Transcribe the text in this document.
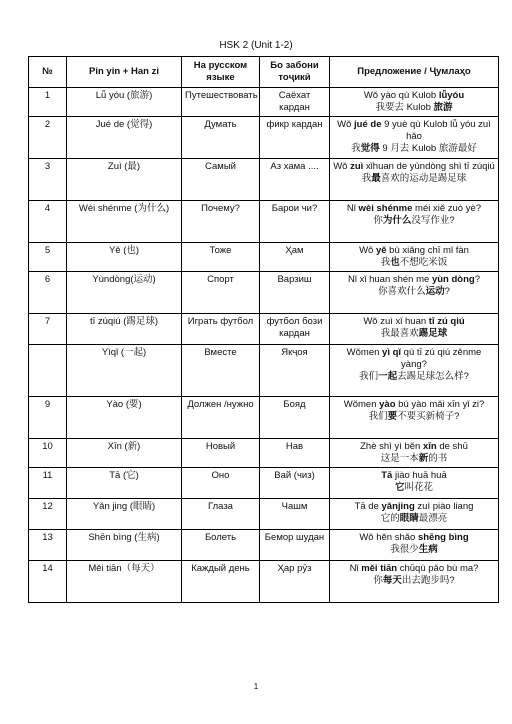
HSK 2 (Unit 1-2)
№	Pin yin + Han zi	На русском языке	Бо забони тоҷикӣ	Предложение / Ҷумлаҳо
1	Lǚ yóu (旅游)	Путешествовать	Саёхат кардан	Wǒ yào qù Kulob lǚyóu
我要去 Kulob 旅游

2	Jué de (觉得)	Думать	фикр кардан	Wǒ jué de 9 yuè qù Kulob lǚ yóu zuì hǎo
我觉得 9 月去 Kulob 旅游最好

3	Zuì (最)	Самый	Аз хама ....	Wǒ zuì xǐhuan de yùndòng shì tī zúqiú
我最喜欢的运动是踢足球

4	Wèi shénme (为什么)	Почему?	Барои чи?	Nǐ wèi shénme méi xiě zuò yè?
你为什么没写作业?

5	Yě (也)	Тоже	Ҳам	Wǒ yě bù xiǎng chī mǐ fàn
我也不想吃米饭

6	Yùndòng(运动)	Спорт	Варзиш	Nǐ xǐ huan shén me yùn dòng?
你喜欢什么运动?

7	tī zúqiú (踢足球)	Играть футбол	футбол бози кардан	Wǒ zuì xǐ huan tī zú qiú
我最喜欢踢足球

	Yìqǐ (一起)	Вместе	Якҷоя	Wǒmen yì qǐ qù tī zú qiú zěnme yàng?
我们一起去踢足球怎么样?

9	Yào (要)	Должен /нужно	Бояд	Wǒmen yào bú yào mǎi xīn yǐ zi?
我们要不要买新椅子?

10	Xīn (新)	Новый	Нав	Zhè shì yì běn xīn de shū
这是一本新的书

11	Tā (它)	Оно	Вай (чиз)	Tā jiào huā huā
它叫花花

12	Yǎn jing (眼睛)	Глаза	Чашм	Tā de yǎnjing zuì piào liang
它的眼睛最漂亮

13	Shēn bìng (生病)	Болеть	Бемор шудан	Wǒ hěn shǎo shēng bìng
我很少生病

14	Měi tiān（每天）	Каждый день	Ҳар рӯз	Nǐ měi tiān chūqù pǎo bù ma?
你每天出去跑步吗?
1
